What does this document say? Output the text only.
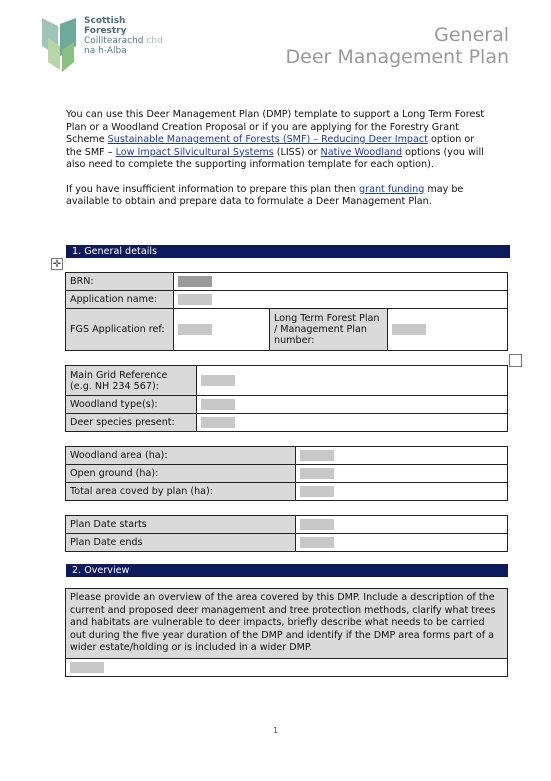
Scottish
Forestry
Coilltearachd chd
na h-Alba
General
Deer Management Plan

You can use this Deer Management Plan (DMP) template to support a Long Term Forest Plan or a Woodland Creation Proposal or if you are applying for the Forestry Grant Scheme Sustainable Management of Forests (SMF) – Reducing Deer Impact option or the SMF – Low Impact Silvicultural Systems (LISS) or Native Woodland options (you will also need to complete the supporting information template for each option).

If you have insufficient information to prepare this plan then grant funding may be available to obtain and prepare data to formulate a Deer Management Plan.

1. General details
✛
BRN:			
Application name:			
FGS Application ref:		Long Term Forest Plan / Management Plan number:	
Main Grid Reference (e.g. NH 234 567):	
Woodland type(s):	
Deer species present:	
Woodland area (ha):	
Open ground (ha):	
Total area coved by plan (ha):	
Plan Date starts	
Plan Date ends	
2. Overview
Please provide an overview of the area covered by this DMP. Include a description of the current and proposed deer management and tree protection methods, clarify what trees and habitats are vulnerable to deer impacts, briefly describe what needs to be carried out during the five year duration of the DMP and identify if the DMP area forms part of a wider estate/holding or is included in a wider DMP.

1
